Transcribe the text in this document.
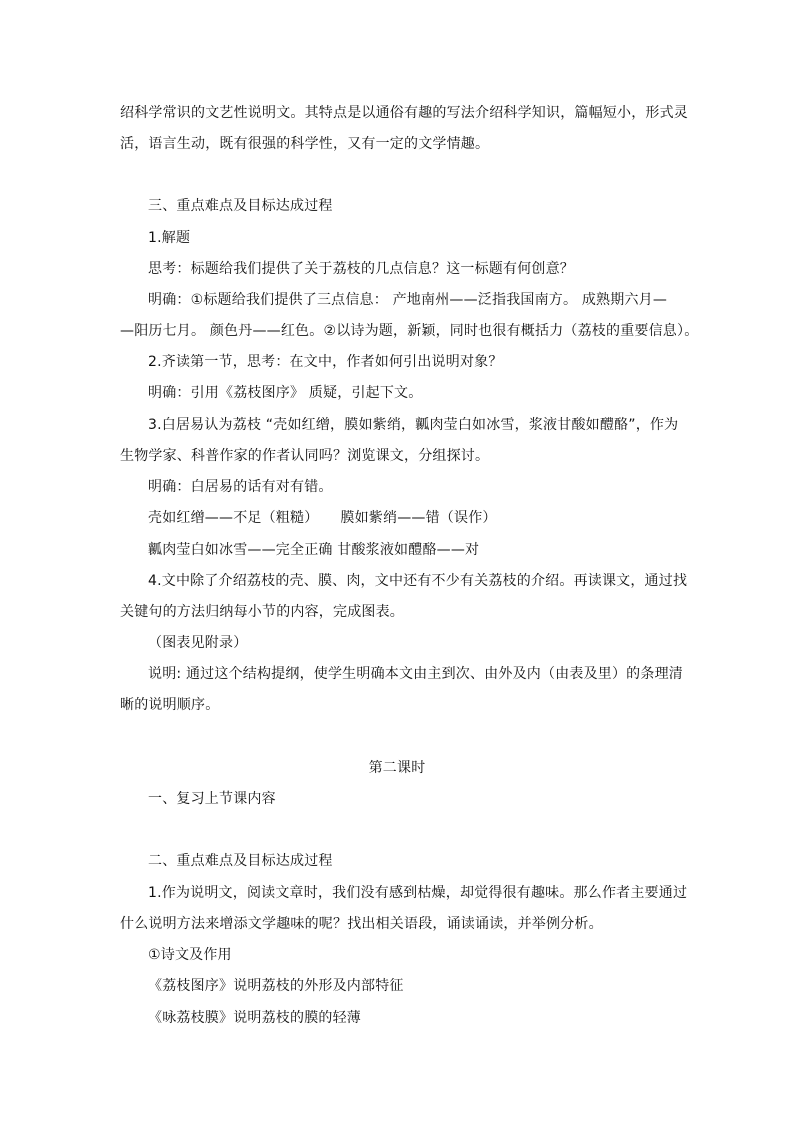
绍科学常识的文艺性说明文。其特点是以通俗有趣的写法介绍科学知识，篇幅短小，形式灵
活，语言生动，既有很强的科学性，又有一定的文学情趣。
三、重点难点及目标达成过程
1.解题
思考：标题给我们提供了关于荔枝的几点信息？这一标题有何创意？
明确：①标题给我们提供了三点信息： 产地南州——泛指我国南方。 成熟期六月—
—阳历七月。 颜色丹——红色。②以诗为题，新颖，同时也很有概括力（荔枝的重要信息）。
2.齐读第一节，思考：在文中，作者如何引出说明对象？
明确：引用《荔枝图序》 质疑，引起下文。
3.白居易认为荔枝 “壳如红缯，膜如紫绡，瓤肉莹白如冰雪，浆液甘酸如醴酪”，作为
生物学家、科普作家的作者认同吗？浏览课文，分组探讨。
明确：白居易的话有对有错。
壳如红缯——不足（粗糙） 膜如紫绡——错（误作）
瓤肉莹白如冰雪——完全正确 甘酸浆液如醴酪——对
4.文中除了介绍荔枝的壳、膜、肉，文中还有不少有关荔枝的介绍。再读课文，通过找
关键句的方法归纳每小节的内容，完成图表。
（图表见附录）
说明: 通过这个结构提纲，使学生明确本文由主到次、由外及内（由表及里）的条理清
晰的说明顺序。
第二课时
一、复习上节课内容
二、重点难点及目标达成过程
1.作为说明文，阅读文章时，我们没有感到枯燥，却觉得很有趣味。那么作者主要通过
什么说明方法来增添文学趣味的呢？找出相关语段，诵读诵读，并举例分析。
①诗文及作用
《荔枝图序》说明荔枝的外形及内部特征
《咏荔枝膜》说明荔枝的膜的轻薄
